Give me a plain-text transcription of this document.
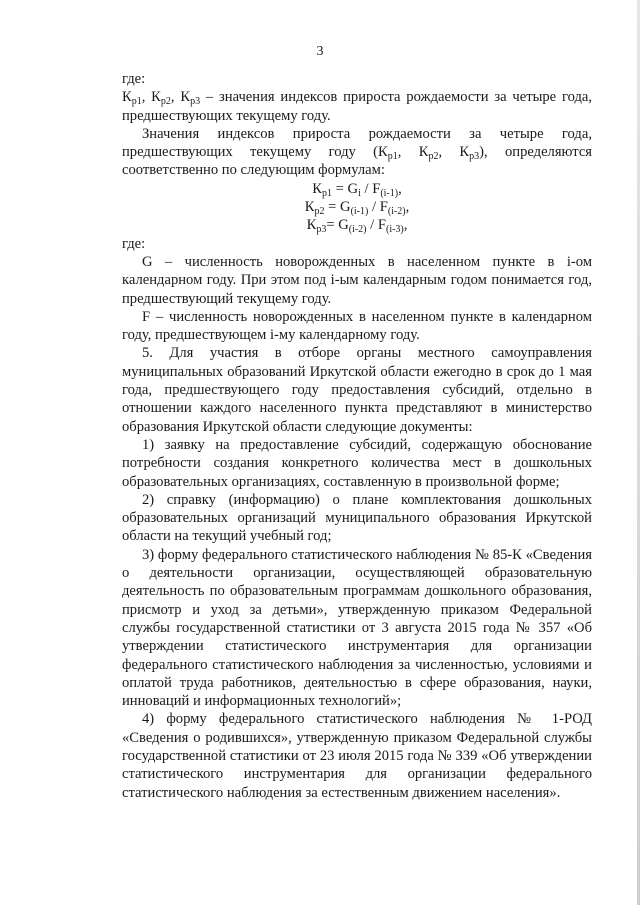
3

где:

$К_{р1}$, $К_{р2}$, $К_{р3}$ – значения индексов прироста рождаемости за четыре года, предшествующих текущему году.

Значения индексов прироста рождаемости за четыре года, предшествующих текущему году ($К_{р1}$, $К_{р2}$, $К_{р3}$), определяются соответственно по следующим формулам:

$К_{р1} = G_i / F_{(i-1)}$,

$К_{р2} = G_{(i-1)} / F_{(i-2)}$,

$К_{р3}= G_{(i-2)} / F_{(i-3)}$,

где:

G – численность новорожденных в населенном пункте в i-ом календарном году. При этом под i-ым календарным годом понимается год, предшествующий текущему году.

F – численность новорожденных в населенном пункте в календарном году, предшествующем i-му календарному году.

5. Для участия в отборе органы местного самоуправления муниципальных образований Иркутской области ежегодно в срок до 1 мая года, предшествующего году предоставления субсидий, отдельно в отношении каждого населенного пункта представляют в министерство образования Иркутской области следующие документы:

1) заявку на предоставление субсидий, содержащую обоснование потребности создания конкретного количества мест в дошкольных образовательных организациях, составленную в произвольной форме;

2) справку (информацию) о плане комплектования дошкольных образовательных организаций муниципального образования Иркутской области на текущий учебный год;

3) форму федерального статистического наблюдения № 85-К «Сведения о деятельности организации, осуществляющей образовательную деятельность по образовательным программам дошкольного образования, присмотр и уход за детьми», утвержденную приказом Федеральной службы государственной статистики от 3 августа 2015 года № 357 «Об утверждении статистического инструментария для организации федерального статистического наблюдения за численностью, условиями и оплатой труда работников, деятельностью в сфере образования, науки, инноваций и информационных технологий»;

4) форму федерального статистического наблюдения № 1-РОД «Сведения о родившихся», утвержденную приказом Федеральной службы государственной статистики от 23 июля 2015 года № 339 «Об утверждении статистического инструментария для организации федерального статистического наблюдения за естественным движением населения».
